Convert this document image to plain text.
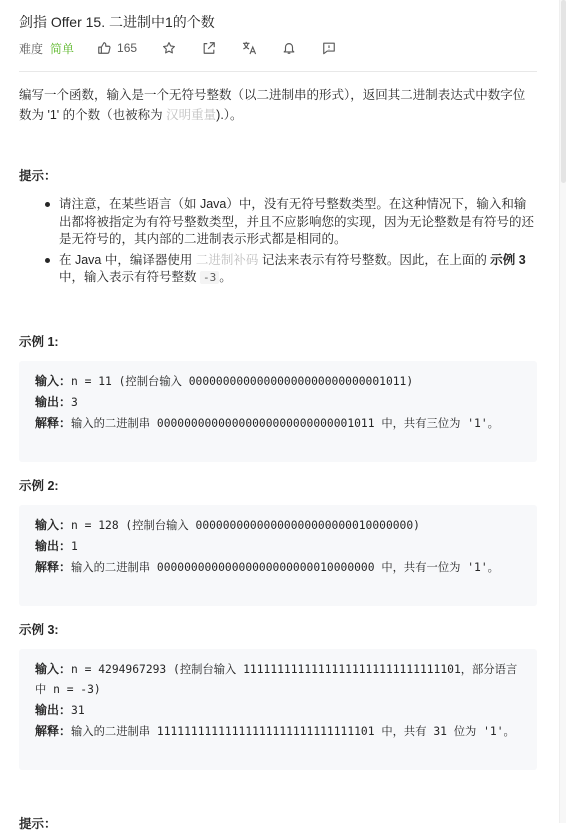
剑指 Offer 15. 二进制中1的个数
难度 简单	165
编写一个函数，输入是一个无符号整数（以二进制串的形式），返回其二进制表达式中数字位数为 '1' 的个数（也被称为 汉明重量).）。
提示：
请注意，在某些语言（如 Java）中，没有无符号整数类型。在这种情况下，输入和输出都将被指定为有符号整数类型，并且不应影响您的实现，因为无论整数是有符号的还是无符号的，其内部的二进制表示形式都是相同的。
在 Java 中，编译器使用 二进制补码 记法来表示有符号整数。因此，在上面的 示例 3 中，输入表示有符号整数 -3 。
示例 1:
输入：n = 11 (控制台输入 00000000000000000000000000001011)
输出：3
解释：输入的二进制串 00000000000000000000000000001011 中，共有三位为 '1'。
示例 2:
输入：n = 128 (控制台输入 00000000000000000000000010000000)
输出：1
解释：输入的二进制串 00000000000000000000000010000000 中，共有一位为 '1'。
示例 3:
输入：n = 4294967293 (控制台输入 11111111111111111111111111111101，部分语言中 n = -3)
输出：31
解释：输入的二进制串 11111111111111111111111111111101 中，共有 31 位为 '1'。
提示：
